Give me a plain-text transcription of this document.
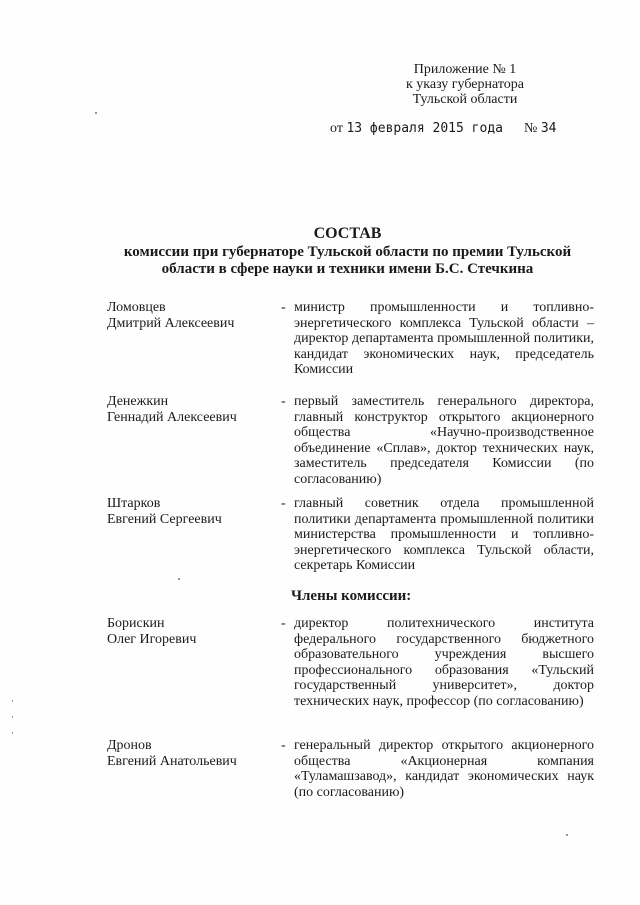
Приложение № 1
к указу губернатора
Тульской области
от 13 февраля 2015 года № 34
СОСТАВ
комиссии при губернаторе Тульской области по премии Тульской
области в сфере науки и техники имени Б.С. Стечкина
Ломовцев
Дмитрий Алексеевич
- министр промышленности и топливно-энергетического комплекса Тульской области – директор департамента промышленной политики, кандидат экономических наук, председатель Комиссии
Денежкин
Геннадий Алексеевич
- первый заместитель генерального директора, главный конструктор открытого акционерного общества «Научно-производственное объединение «Сплав», доктор технических наук, заместитель председателя Комиссии (по согласованию)
Штарков
Евгений Сергеевич
- главный советник отдела промышленной политики департамента промышленной политики министерства промышленности и топливно-энергетического комплекса Тульской области, секретарь Комиссии
Члены комиссии:
Борискин
Олег Игоревич
- директор политехнического института федерального государственного бюджетного образовательного учреждения высшего профессионального образования «Тульский государственный университет», доктор технических наук, профессор (по согласованию)
Дронов
Евгений Анатольевич
- генеральный директор открытого акционерного общества «Акционерная компания «Туламашзавод», кандидат экономических наук (по согласованию)
